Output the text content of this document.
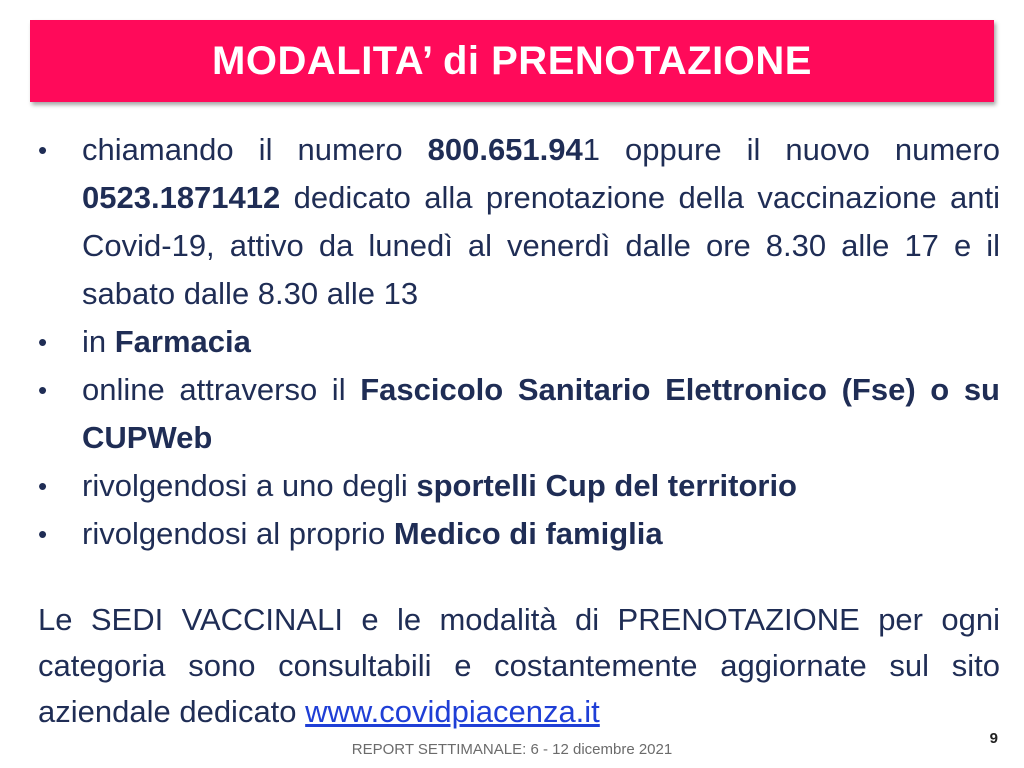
MODALITA’ di PRENOTAZIONE
• chiamando il numero 800.651.941 oppure il nuovo numero 0523.1871412 dedicato alla prenotazione della vaccinazione anti Covid-19, attivo da lunedì al venerdì dalle ore 8.30 alle 17 e il sabato dalle 8.30 alle 13
• in Farmacia
• online attraverso il Fascicolo Sanitario Elettronico (Fse) o su CUPWeb
• rivolgendosi a uno degli sportelli Cup del territorio
• rivolgendosi al proprio Medico di famiglia

Le SEDI VACCINALI e le modalità di PRENOTAZIONE per ogni categoria sono consultabili e costantemente aggiornate sul sito aziendale dedicato www.covidpiacenza.it

REPORT SETTIMANALE: 6 - 12 dicembre 2021
9
